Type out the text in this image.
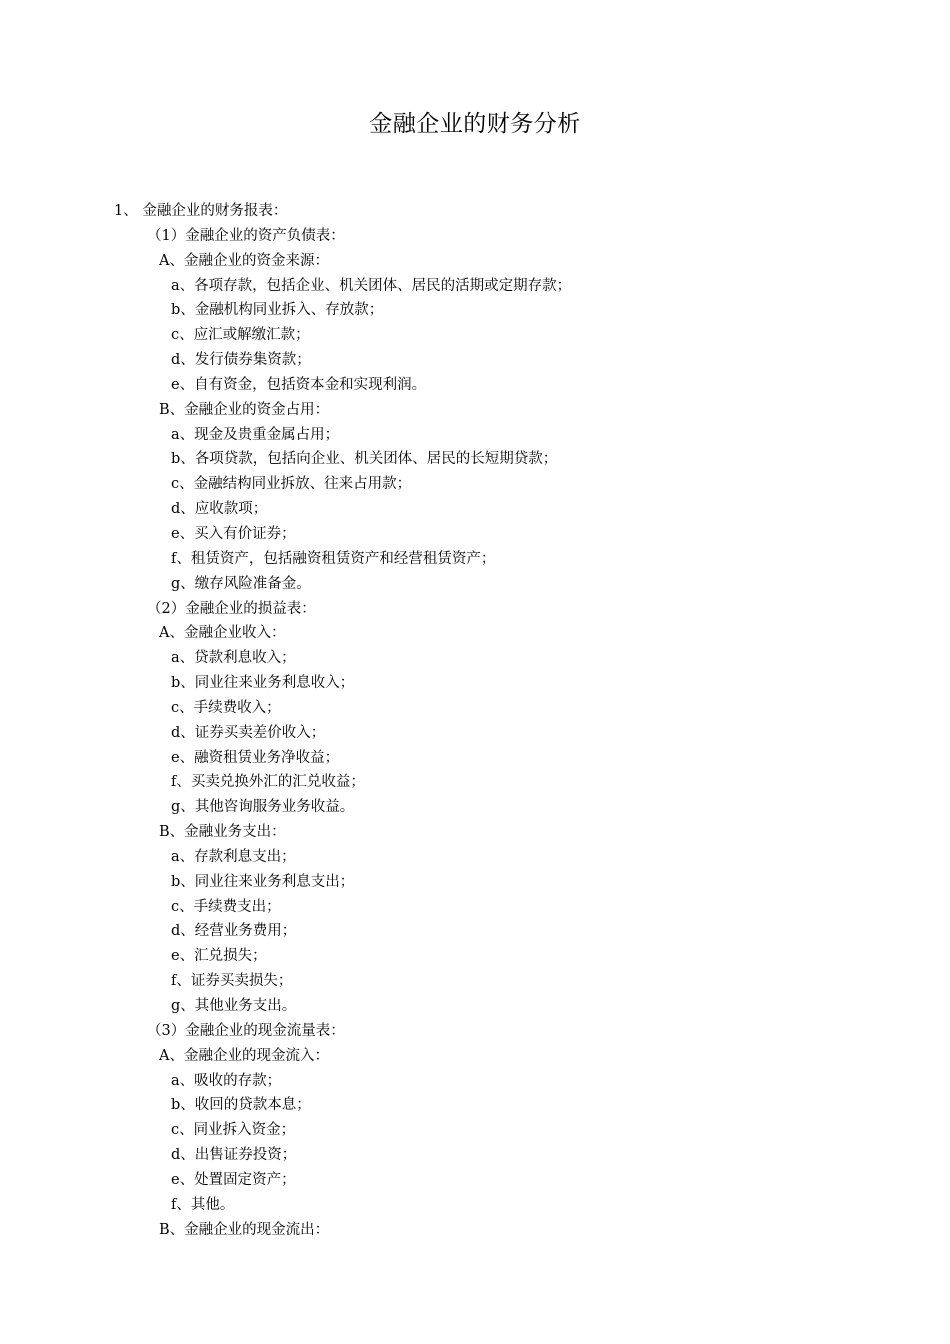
金融企业的财务分析
1、 金融企业的财务报表：
（1）金融企业的资产负债表：
A、金融企业的资金来源：
a、各项存款，包括企业、机关团体、居民的活期或定期存款；
b、金融机构同业拆入、存放款；
c、应汇或解缴汇款；
d、发行债券集资款；
e、自有资金，包括资本金和实现利润。
B、金融企业的资金占用：
a、现金及贵重金属占用；
b、各项贷款，包括向企业、机关团体、居民的长短期贷款；
c、金融结构同业拆放、往来占用款；
d、应收款项；
e、买入有价证券；
f、租赁资产，包括融资租赁资产和经营租赁资产；
g、缴存风险准备金。
（2）金融企业的损益表：
A、金融企业收入：
a、贷款利息收入；
b、同业往来业务利息收入；
c、手续费收入；
d、证券买卖差价收入；
e、融资租赁业务净收益；
f、买卖兑换外汇的汇兑收益；
g、其他咨询服务业务收益。
B、金融业务支出：
a、存款利息支出；
b、同业往来业务利息支出；
c、手续费支出；
d、经营业务费用；
e、汇兑损失；
f、证券买卖损失；
g、其他业务支出。
（3）金融企业的现金流量表：
A、金融企业的现金流入：
a、吸收的存款；
b、收回的贷款本息；
c、同业拆入资金；
d、出售证券投资；
e、处置固定资产；
f、其他。
B、金融企业的现金流出：
